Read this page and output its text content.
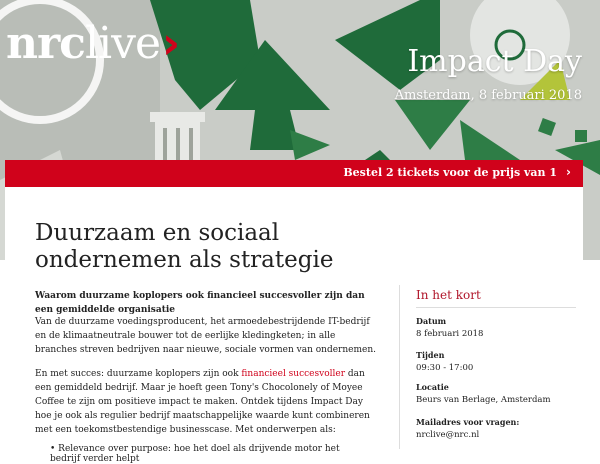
nrclive›	Impact Day
Amsterdam, 8 februari 2018
Bestel 2 tickets voor de prijs van 1 ›
Duurzaam en sociaal
ondernemen als strategie

Waarom duurzame koplopers ook financieel succesvoller zijn dan een gemiddelde organisatie

Van de duurzame voedingsproducent, het armoedebestrijdende IT-bedrijf en de klimaatneutrale bouwer tot de eerlijke kledingketen; in alle branches streven bedrijven naar nieuwe, sociale vormen van ondernemen.

En met succes: duurzame koplopers zijn ook financieel succesvoller dan een gemiddeld bedrijf. Maar je hoeft geen Tony's Chocolonely of Moyee Coffee te zijn om positieve impact te maken. Ontdek tijdens Impact Day hoe je ook als regulier bedrijf maatschappelijke waarde kunt combineren met een toekomstbestendige businesscase. Met onderwerpen als:

• Relevance over purpose: hoe het doel als drijvende motor het bedrijf verder helpt
In het kort
Datum
8 februari 2018
Tijden
09:30 - 17:00
Locatie
Beurs van Berlage, Amsterdam
Mailadres voor vragen:
nrclive@nrc.nl
